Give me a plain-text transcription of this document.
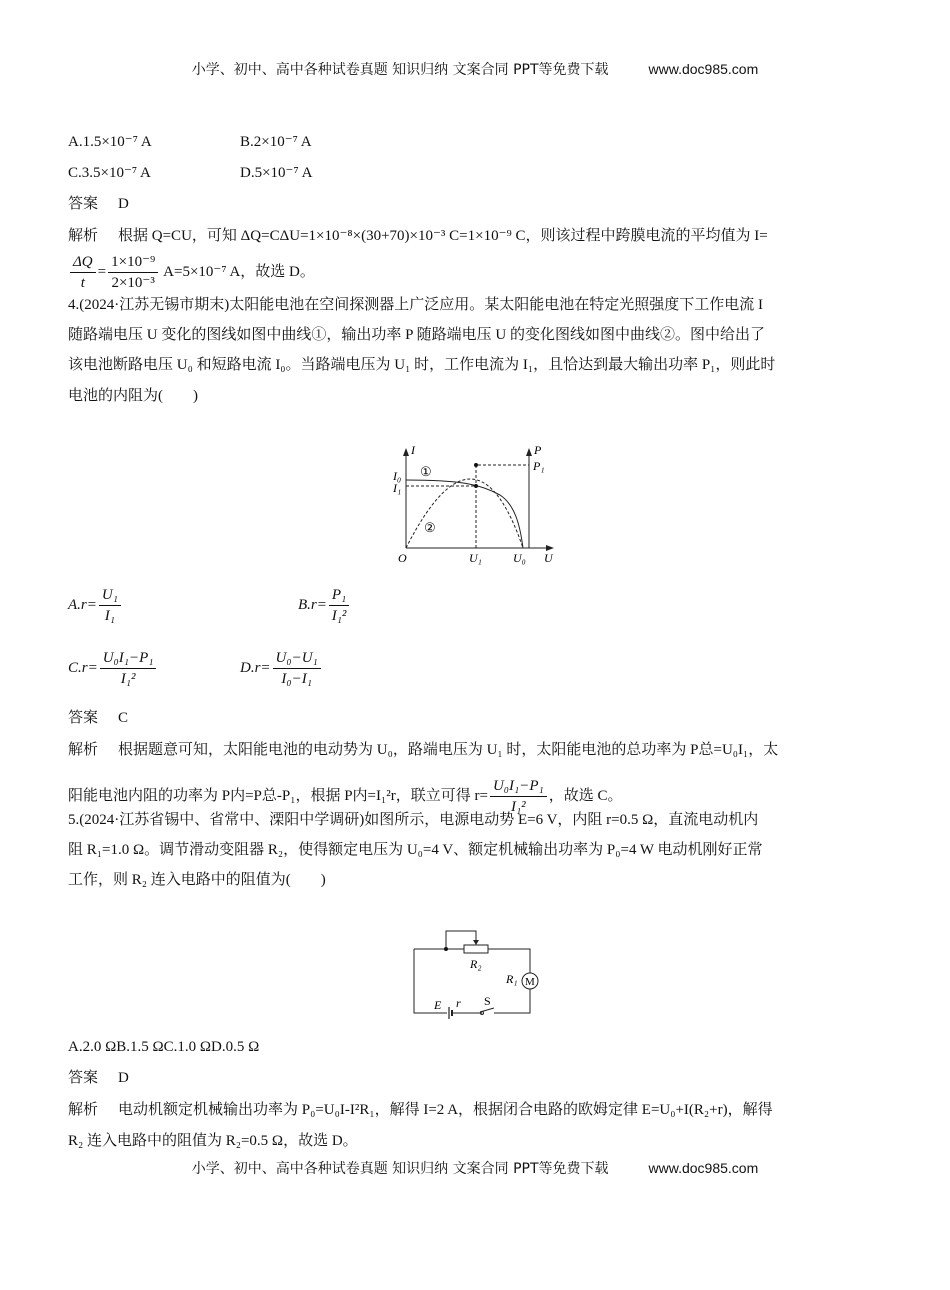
小学、初中、高中各种试卷真题 知识归纳 文案合同 PPT等免费下载	www.doc985.com
A.1.5×10⁻⁷ A	B.2×10⁻⁷ A
C.3.5×10⁻⁷ A	D.5×10⁻⁷ A
答案 D
解析 根据 Q=CU，可知 ΔQ=CΔU=1×10⁻⁸×(30+70)×10⁻³ C=1×10⁻⁹ C，则该过程中跨膜电流的平均值为 I=
$\frac{\Delta Q}{t} = \frac{\text{1×10⁻⁹}}{\text{2×10⁻³}} A=5\times 10^{-7}$ A，故选 D。
4.(2024·江苏无锡市期末)太阳能电池在空间探测器上广泛应用。某太阳能电池在特定光照强度下工作电流 I
随路端电压 U 变化的图线如图中曲线①，输出功率 P 随路端电压 U 的变化图线如图中曲线②。图中给出了
该电池断路电压 U₀ 和短路电流 I₀。当路端电压为 U₁ 时，工作电流为 I₁，且恰达到最大输出功率 P₁，则此时
电池的内阻为(　　)
I	P
P₁
I₀
I₁
O	U₁	U₀ U
①
②
$A.r= \frac{\text{U₁}}{\text{I₁}}$	$B.r= \frac{\text{P₁}}{\text{I₁²}}$
$C.r= \frac{\text{U₀I₁−P₁}}{\text{I₁²}}$	$D.r= \frac{\text{U₀−U₁}}{\text{I₀−I₁}}$
答案 C
解析 根据题意可知，太阳能电池的电动势为 U₀，路端电压为 U₁ 时，太阳能电池的总功率为 P总=U₀I₁，太
阳能电池内阻的功率为 P内=P总-P₁，根据 P内=I₁²r，联立可得 $r= \frac{\text{U₀I₁−P₁}}{\text{I₁²}}$ ，故选 C。
5.(2024·江苏省锡中、省常中、溧阳中学调研)如图所示，电源电动势 E=6 V，内阻 r=0.5 Ω，直流电动机内
阻 R₁=1.0 Ω。调节滑动变阻器 R₂，使得额定电压为 U₀=4 V、额定机械输出功率为 P₀=4 W 电动机刚好正常
工作，则 R₂ 连入电路中的阻值为(　　)
R₂
R₁
E r
M
S
A.2.0 ΩB.1.5 ΩC.1.0 ΩD.0.5 Ω
答案 D
解析 电动机额定机械输出功率为 P₀=U₀I-I²R₁，解得 I=2 A，根据闭合电路的欧姆定律 E=U₀+I(R₂+r)，解得
R₂ 连入电路中的阻值为 R₂=0.5 Ω，故选 D。
小学、初中、高中各种试卷真题 知识归纳 文案合同 PPT等免费下载	www.doc985.com
